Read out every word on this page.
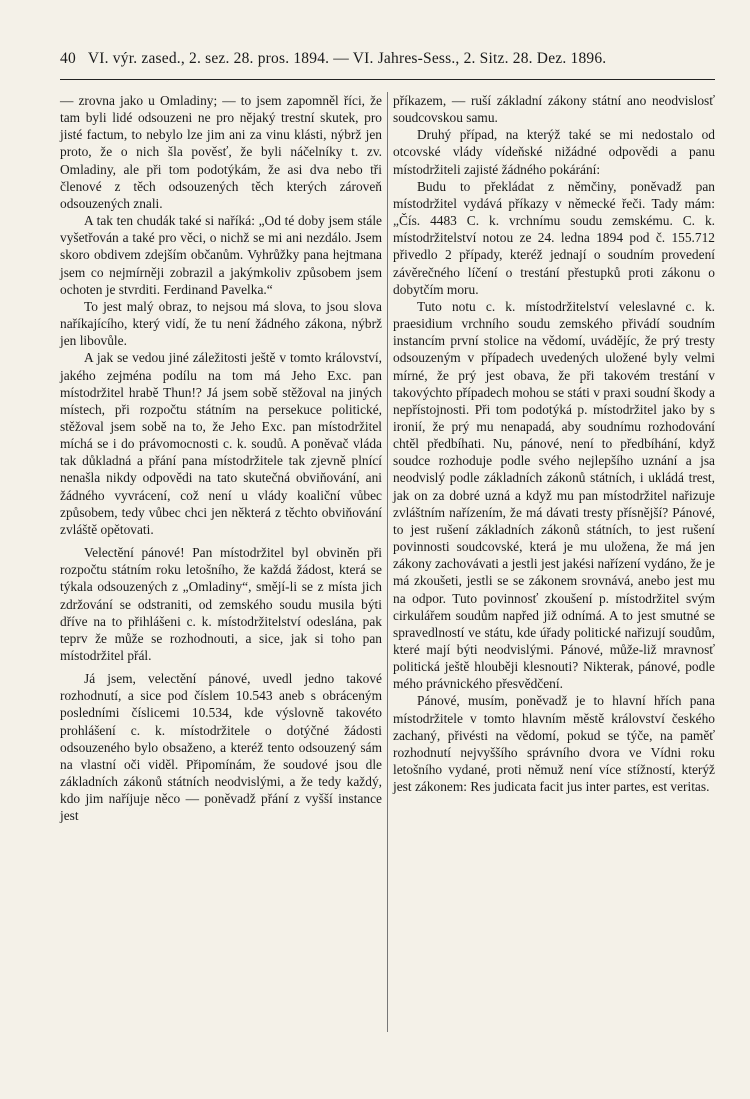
40 VI. výr. zased., 2. sez. 28. pros. 1894. — VI. Jahres-Sess., 2. Sitz. 28. Dez. 1896.

— zrovna jako u Omladiny; — to jsem zapomněl říci, že tam byli lidé odsouzeni ne pro nějaký trestní skutek, pro jisté factum, to nebylo lze jim ani za vinu klásti, nýbrž jen proto, že o nich šla pověsť, že byli náčelníky t. zv. Omladiny, ale při tom podotýkám, že asi dva nebo tři členové z těch odsouzených těch kterých zároveň odsouzených znali.

A tak ten chudák také si naříká: „Od té doby jsem stále vyšetřován a také pro věci, o nichž se mi ani nezdálo. Jsem skoro obdivem zdejším občanům. Vyhrůžky pana hejtmana jsem co nejmírněji zobrazil a jakýmkoliv způsobem jsem ochoten je stvrditi. Ferdinand Pavelka.“

To jest malý obraz, to nejsou má slova, to jsou slova naříkajícího, který vidí, že tu není žádného zákona, nýbrž jen libovůle.

A jak se vedou jiné záležitosti ještě v tomto království, jakého zejména podílu na tom má Jeho Exc. pan místodržitel hrabě Thun!? Já jsem sobě stěžoval na jiných místech, při rozpočtu státním na persekuce politické, stěžoval jsem sobě na to, že Jeho Exc. pan místodržitel míchá se i do právomocnosti c. k. soudů. A poněvač vláda tak důkladná a přání pana místodržitele tak zjevně plnící nenašla nikdy odpovědi na tato skutečná obviňování, ani žádného vyvrácení, což není u vlády koaliční vůbec způsobem, tedy vůbec chci jen některá z těchto obviňování zvláště opětovati.

Velectění pánové! Pan místodržitel byl obviněn při rozpočtu státním roku letošního, že každá žádost, která se týkala odsouzených z „Omladiny“, smějí-li se z místa jich zdržování se odstraniti, od zemského soudu musila býti dříve na to přihlášeni c. k. místodržitelství odeslána, pak teprv že může se rozhodnouti, a sice, jak si toho pan místodržitel přál.

Já jsem, velectění pánové, uvedl jedno takové rozhodnutí, a sice pod číslem 10.543 aneb s obráceným posledními číslicemi 10.534, kde výslovně takovéto prohlášení c. k. místodržitele o dotýčné žádosti odsouzeného bylo obsaženo, a kteréž tento odsouzený sám na vlastní oči viděl. Připomínám, že soudové jsou dle základních zákonů státních neodvislými, a že tedy každý, kdo jim naříjuje něco — poněvadž přání z vyšší instance jest

příkazem, — ruší základní zákony státní ano neodvislosť soudcovskou samu.

Druhý případ, na kterýž také se mi nedostalo od otcovské vlády vídeňské nižádné odpovědi a panu místodržiteli zajisté žádného pokárání:

Budu to překládat z němčiny, poněvadž pan místodržitel vydává příkazy v německé řeči. Tady mám: „Čís. 4483 C. k. vrchnímu soudu zemskému. C. k. místodržitelství notou ze 24. ledna 1894 pod č. 155.712 přivedlo 2 případy, kteréž jednají o soudním provedení závěrečného líčení o trestání přestupků proti zákonu o dobytčím moru.

Tuto notu c. k. místodržitelství veleslavné c. k. praesidium vrchního soudu zemského přivádí soudním instancím první stolice na vědomí, uvádějíc, že prý tresty odsouzeným v případech uvedených uložené byly velmi mírné, že prý jest obava, že při takovém trestání v takovýchto případech mohou se státi v praxi soudní škody a nepřístojnosti. Při tom podotýká p. místodržitel jako by s ironií, že prý mu nenapadá, aby soudnímu rozhodování chtěl předbíhati. Nu, pánové, není to předbíhání, když soudce rozhoduje podle svého nejlepšího uznání a jsa neodvislý podle základních zákonů státních, i ukládá trest, jak on za dobré uzná a když mu pan místodržitel nařizuje zvláštním nařízením, že má dávati tresty přísnější? Pánové, to jest rušení základních zákonů státních, to jest rušení povinnosti soudcovské, která je mu uložena, že má jen zákony zachovávati a jestli jest jakési nařízení vydáno, že je má zkoušeti, jestli se se zákonem srovnává, anebo jest mu na odpor. Tuto povinnosť zkoušení p. místodržitel svým cirkulářem soudům napřed již odnímá. A to jest smutné se spravedlností ve státu, kde úřady politické nařizují soudům, které mají býti neodvislými. Pánové, může-liž mravnosť politická ještě hlouběji klesnouti? Nikterak, pánové, podle mého právnického přesvědčení.

Pánové, musím, poněvadž je to hlavní hřích pana místodržitele v tomto hlavním městě království českého zachaný, přivésti na vědomí, pokud se týče, na paměť rozhodnutí nejvyššího správního dvora ve Vídni roku letošního vydané, proti němuž není více stížností, kterýž jest zákonem: Res judicata facit jus inter partes, est veritas.
